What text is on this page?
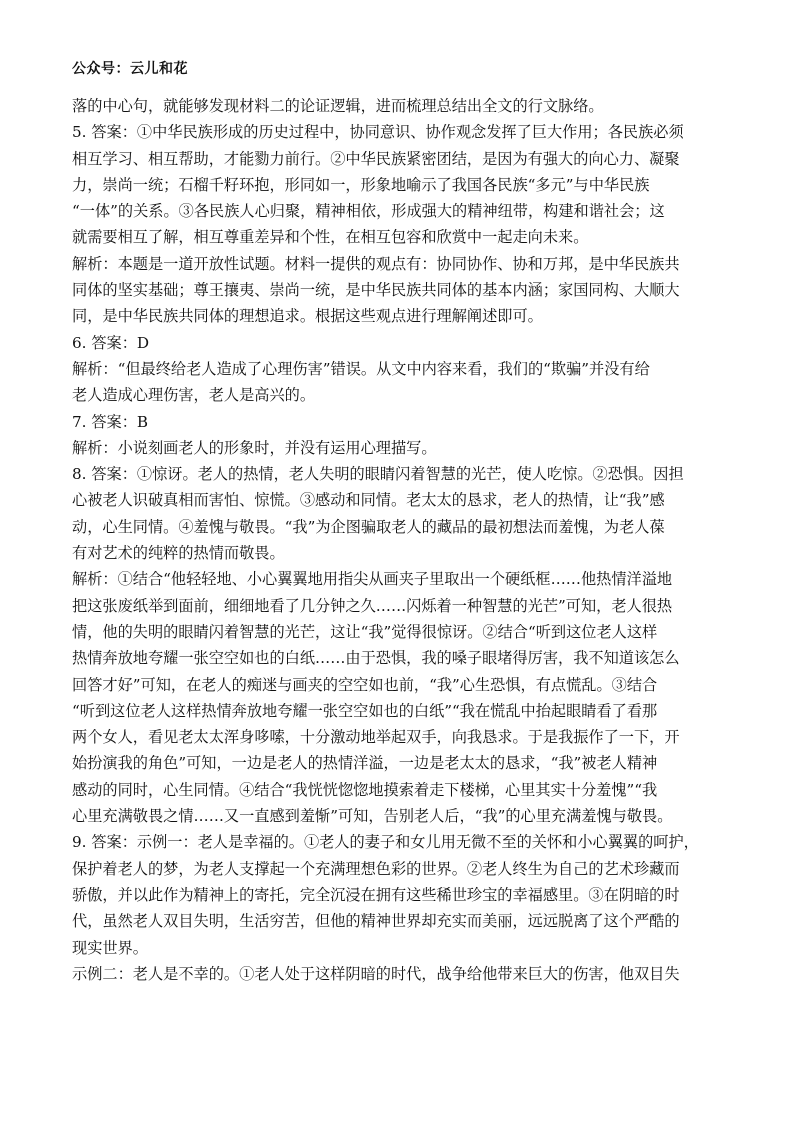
公众号：云儿和花
落的中心句，就能够发现材料二的论证逻辑，进而梳理总结出全文的行文脉络。
5. 答案：①中华民族形成的历史过程中，协同意识、协作观念发挥了巨大作用；各民族必须
相互学习、相互帮助，才能勠力前行。②中华民族紧密团结，是因为有强大的向心力、凝聚
力，崇尚一统；石榴千籽环抱，形同如一，形象地喻示了我国各民族“多元”与中华民族
“一体”的关系。③各民族人心归聚，精神相依，形成强大的精神纽带，构建和谐社会；这
就需要相互了解，相互尊重差异和个性，在相互包容和欣赏中一起走向未来。
解析：本题是一道开放性试题。材料一提供的观点有：协同协作、协和万邦，是中华民族共
同体的坚实基础；尊王攘夷、崇尚一统，是中华民族共同体的基本内涵；家国同构、大顺大
同，是中华民族共同体的理想追求。根据这些观点进行理解阐述即可。
6. 答案：D
解析：“但最终给老人造成了心理伤害”错误。从文中内容来看，我们的“欺骗”并没有给
老人造成心理伤害，老人是高兴的。
7. 答案：B
解析：小说刻画老人的形象时，并没有运用心理描写。
8. 答案：①惊讶。老人的热情，老人失明的眼睛闪着智慧的光芒，使人吃惊。②恐惧。因担
心被老人识破真相而害怕、惊慌。③感动和同情。老太太的恳求，老人的热情，让“我”感
动，心生同情。④羞愧与敬畏。“我”为企图骗取老人的藏品的最初想法而羞愧，为老人葆
有对艺术的纯粹的热情而敬畏。
解析：①结合“他轻轻地、小心翼翼地用指尖从画夹子里取出一个硬纸框……他热情洋溢地
把这张废纸举到面前，细细地看了几分钟之久……闪烁着一种智慧的光芒”可知，老人很热
情，他的失明的眼睛闪着智慧的光芒，这让“我”觉得很惊讶。②结合“听到这位老人这样
热情奔放地夸耀一张空空如也的白纸……由于恐惧，我的嗓子眼堵得厉害，我不知道该怎么
回答才好”可知，在老人的痴迷与画夹的空空如也前，“我”心生恐惧，有点慌乱。③结合
“听到这位老人这样热情奔放地夸耀一张空空如也的白纸”“我在慌乱中抬起眼睛看了看那
两个女人，看见老太太浑身哆嗦，十分激动地举起双手，向我恳求。于是我振作了一下，开
始扮演我的角色”可知，一边是老人的热情洋溢，一边是老太太的恳求，“我”被老人精神
感动的同时，心生同情。④结合“我恍恍惚惚地摸索着走下楼梯，心里其实十分羞愧”“我
心里充满敬畏之情……又一直感到羞惭”可知，告别老人后，“我”的心里充满羞愧与敬畏。
9. 答案：示例一：老人是幸福的。①老人的妻子和女儿用无微不至的关怀和小心翼翼的呵护，
保护着老人的梦，为老人支撑起一个充满理想色彩的世界。②老人终生为自己的艺术珍藏而
骄傲，并以此作为精神上的寄托，完全沉浸在拥有这些稀世珍宝的幸福感里。③在阴暗的时
代，虽然老人双目失明，生活穷苦，但他的精神世界却充实而美丽，远远脱离了这个严酷的
现实世界。
示例二：老人是不幸的。①老人处于这样阴暗的时代，战争给他带来巨大的伤害，他双目失
